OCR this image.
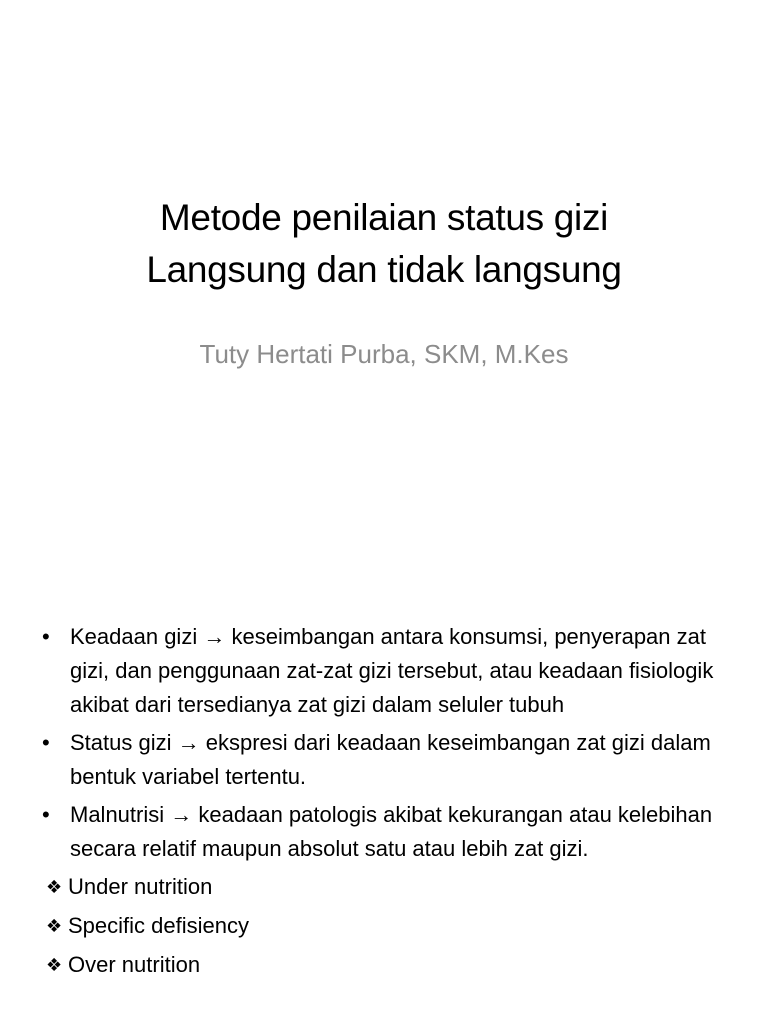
Metode penilaian status gizi
Langsung dan tidak langsung
Tuty Hertati Purba, SKM, M.Kes
• Keadaan gizi → keseimbangan antara konsumsi, penyerapan zat gizi, dan penggunaan zat-zat gizi tersebut, atau keadaan fisiologik akibat dari tersedianya zat gizi dalam seluler tubuh
• Status gizi → ekspresi dari keadaan keseimbangan zat gizi dalam bentuk variabel tertentu.
• Malnutrisi → keadaan patologis akibat kekurangan atau kelebihan secara relatif maupun absolut satu atau lebih zat gizi.
❖ Under nutrition
❖ Specific defisiency
❖ Over nutrition
